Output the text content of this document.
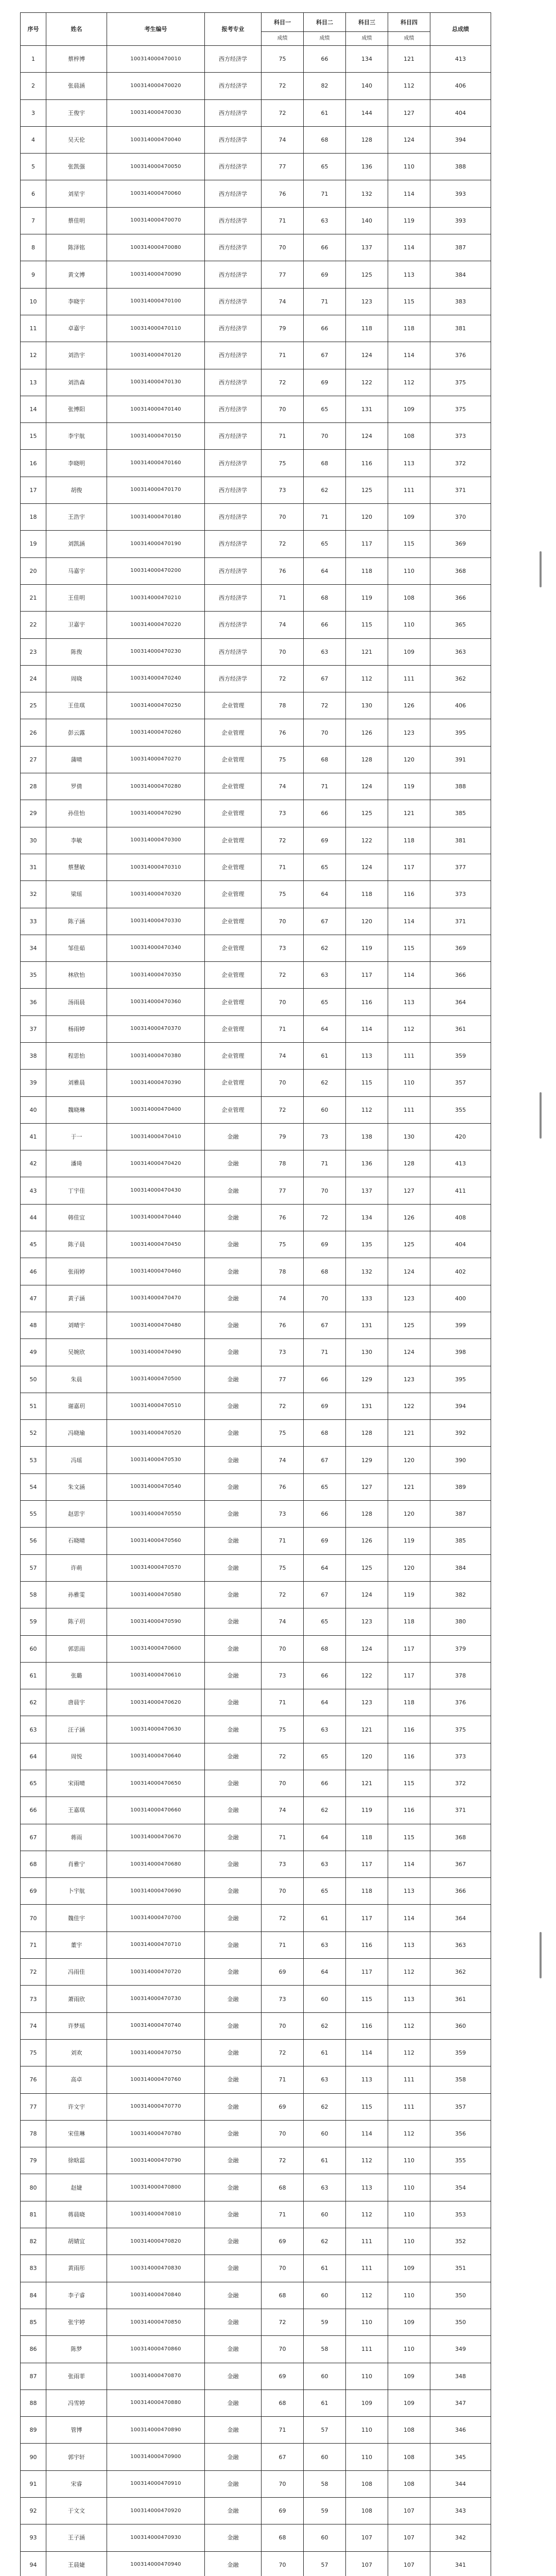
序号	姓名	考生编号	报考专业	科目一	科目二	科目三	科目四	总成绩
				成绩	成绩	成绩	成绩	
1	蔡梓博	100314000470010	西方经济学	75	66	134	121	413
2	张晨涵	100314000470020	西方经济学	72	82	140	112	406
3	王俊宇	100314000470030	西方经济学	72	61	144	127	404
4	吴天伦	100314000470040	西方经济学	74	68	128	124	394
5	张凯强	100314000470050	西方经济学	77	65	136	110	388
6	刘星宇	100314000470060	西方经济学	76	71	132	114	393
7	蔡佳明	100314000470070	西方经济学	71	63	140	119	393
8	陈泽铭	100314000470080	西方经济学	70	66	137	114	387
9	黄文博	100314000470090	西方经济学	77	69	125	113	384
10	李晓宇	100314000470100	西方经济学	74	71	123	115	383
11	卓嘉宇	100314000470110	西方经济学	79	66	118	118	381
12	刘浩宇	100314000470120	西方经济学	71	67	124	114	376
13	刘浩森	100314000470130	西方经济学	72	69	122	112	375
14	张博阳	100314000470140	西方经济学	70	65	131	109	375
15	李宇航	100314000470150	西方经济学	71	70	124	108	373
16	李晓明	100314000470160	西方经济学	75	68	116	113	372
17	胡俊	100314000470170	西方经济学	73	62	125	111	371
18	王浩宇	100314000470180	西方经济学	70	71	120	109	370
19	刘凯涵	100314000470190	西方经济学	72	65	117	115	369
20	马嘉宇	100314000470200	西方经济学	76	64	118	110	368
21	王佳明	100314000470210	西方经济学	71	68	119	108	366
22	卫嘉宇	100314000470220	西方经济学	74	66	115	110	365
23	陈俊	100314000470230	西方经济学	70	63	121	109	363
24	周晓	100314000470240	西方经济学	72	67	112	111	362
25	王佳琪	100314000470250	企业管理	78	72	130	126	406
26	彭云露	100314000470260	企业管理	76	70	126	123	395
27	蒲晴	100314000470270	企业管理	75	68	128	120	391
28	罗倩	100314000470280	企业管理	74	71	124	119	388
29	孙佳怡	100314000470290	企业管理	73	66	125	121	385
30	李敏	100314000470300	企业管理	72	69	122	118	381
31	蔡慧敏	100314000470310	企业管理	71	65	124	117	377
32	梁瑶	100314000470320	企业管理	75	64	118	116	373
33	陈子涵	100314000470330	企业管理	70	67	120	114	371
34	邹佳茹	100314000470340	企业管理	73	62	119	115	369
35	林欣怡	100314000470350	企业管理	72	63	117	114	366
36	汤雨晨	100314000470360	企业管理	70	65	116	113	364
37	杨雨婷	100314000470370	企业管理	71	64	114	112	361
38	程思怡	100314000470380	企业管理	74	61	113	111	359
39	刘雅晨	100314000470390	企业管理	70	62	115	110	357
40	魏晓琳	100314000470400	企业管理	72	60	112	111	355
41	于一	100314000470410	金融	79	73	138	130	420
42	潘琦	100314000470420	金融	78	71	136	128	413
43	丁宇佳	100314000470430	金融	77	70	137	127	411
44	韩佳宜	100314000470440	金融	76	72	134	126	408
45	陈子晨	100314000470450	金融	75	69	135	125	404
46	张雨婷	100314000470460	金融	78	68	132	124	402
47	黄子涵	100314000470470	金融	74	70	133	123	400
48	刘晴宇	100314000470480	金融	76	67	131	125	399
49	吴婉欣	100314000470490	金融	73	71	130	124	398
50	朱晨	100314000470500	金融	77	66	129	123	395
51	谢嘉玥	100314000470510	金融	72	69	131	122	394
52	冯晓瑜	100314000470520	金融	75	68	128	121	392
53	冯瑶	100314000470530	金融	74	67	129	120	390
54	朱文涵	100314000470540	金融	76	65	127	121	389
55	赵思宇	100314000470550	金融	73	66	128	120	387
56	石晓晴	100314000470560	金融	71	69	126	119	385
57	许萌	100314000470570	金融	75	64	125	120	384
58	孙雅雯	100314000470580	金融	72	67	124	119	382
59	陈子玥	100314000470590	金融	74	65	123	118	380
60	郭思雨	100314000470600	金融	70	68	124	117	379
61	张璐	100314000470610	金融	73	66	122	117	378
62	唐晨宇	100314000470620	金融	71	64	123	118	376
63	汪子涵	100314000470630	金融	75	63	121	116	375
64	周悦	100314000470640	金融	72	65	120	116	373
65	宋雨晴	100314000470650	金融	70	66	121	115	372
66	王嘉琪	100314000470660	金融	74	62	119	116	371
67	蒋雨	100314000470670	金融	71	64	118	115	368
68	肖雅宁	100314000470680	金融	73	63	117	114	367
69	卜宇航	100314000470690	金融	70	65	118	113	366
70	魏佳宇	100314000470700	金融	72	61	117	114	364
71	董宇	100314000470710	金融	71	63	116	113	363
72	冯雨佳	100314000470720	金融	69	64	117	112	362
73	萧雨欣	100314000470730	金融	73	60	115	113	361
74	许梦瑶	100314000470740	金融	70	62	116	112	360
75	刘欢	100314000470750	金融	72	61	114	112	359
76	高卓	100314000470760	金融	71	63	113	111	358
77	许文宇	100314000470770	金融	69	62	115	111	357
78	宋佳琳	100314000470780	金融	70	60	114	112	356
79	徐晗蕊	100314000470790	金融	72	61	112	110	355
80	赵婕	100314000470800	金融	68	63	113	110	354
81	蒋晨晓	100314000470810	金融	71	60	112	110	353
82	胡婧宜	100314000470820	金融	69	62	111	110	352
83	黄雨彤	100314000470830	金融	70	61	111	109	351
84	李子睿	100314000470840	金融	68	60	112	110	350
85	张宇婷	100314000470850	金融	72	59	110	109	350
86	陈梦	100314000470860	金融	70	58	111	110	349
87	张雨菲	100314000470870	金融	69	60	110	109	348
88	冯雪婷	100314000470880	金融	68	61	109	109	347
89	管博	100314000470890	金融	71	57	110	108	346
90	郭宇轩	100314000470900	金融	67	60	110	108	345
91	宋睿	100314000470910	金融	70	58	108	108	344
92	于文文	100314000470920	金融	69	59	108	107	343
93	王子涵	100314000470930	金融	68	60	107	107	342
94	王晨婕	100314000470940	金融	70	57	107	107	341
